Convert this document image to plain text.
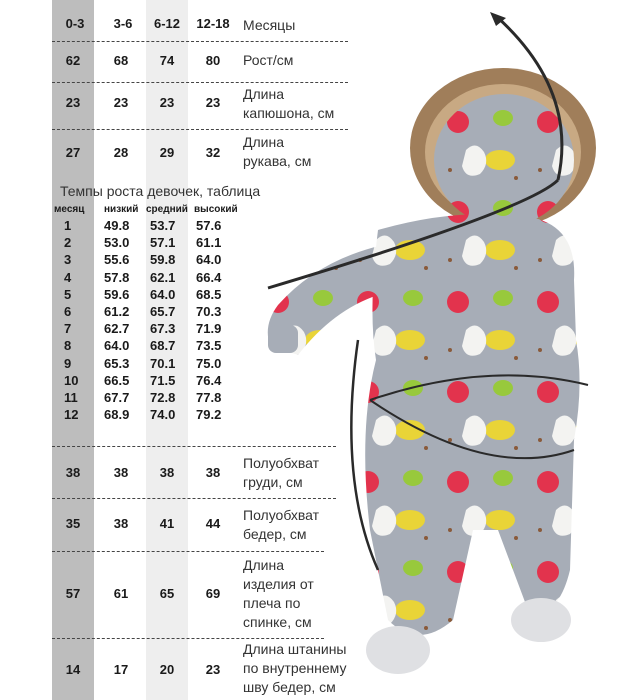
0-3	3-6	6-12	12-18 Месяцы
62	68	74	80	Рост/см
23	23	23	23
Длина
капюшона, см
27	28	29	32
Длина
рукава, см
Темпы роста девочек, таблица
месяц низкий средний высокий
1	49.8 53.7 57.6
2	53.0 57.1 61.1
3	55.6 59.8 64.0
4	57.8 62.1 66.4
5	59.6 64.0 68.5
6	61.2 65.7 70.3
7	62.7 67.3 71.9
8	64.0 68.7 73.5
9	65.3 70.1 75.0
10 66.5 71.5 76.4
11 67.7 72.8 77.8
12 68.9 74.0 79.2
38	38	38	38
Полуобхват
груди, см
35	38	41	44
Полуобхват
бедер, см
57	61	65	69
Длина
изделия от
плеча по
спинке, см
14	17	20	23
Длина штанины
по внутреннему
шву бедер, см
